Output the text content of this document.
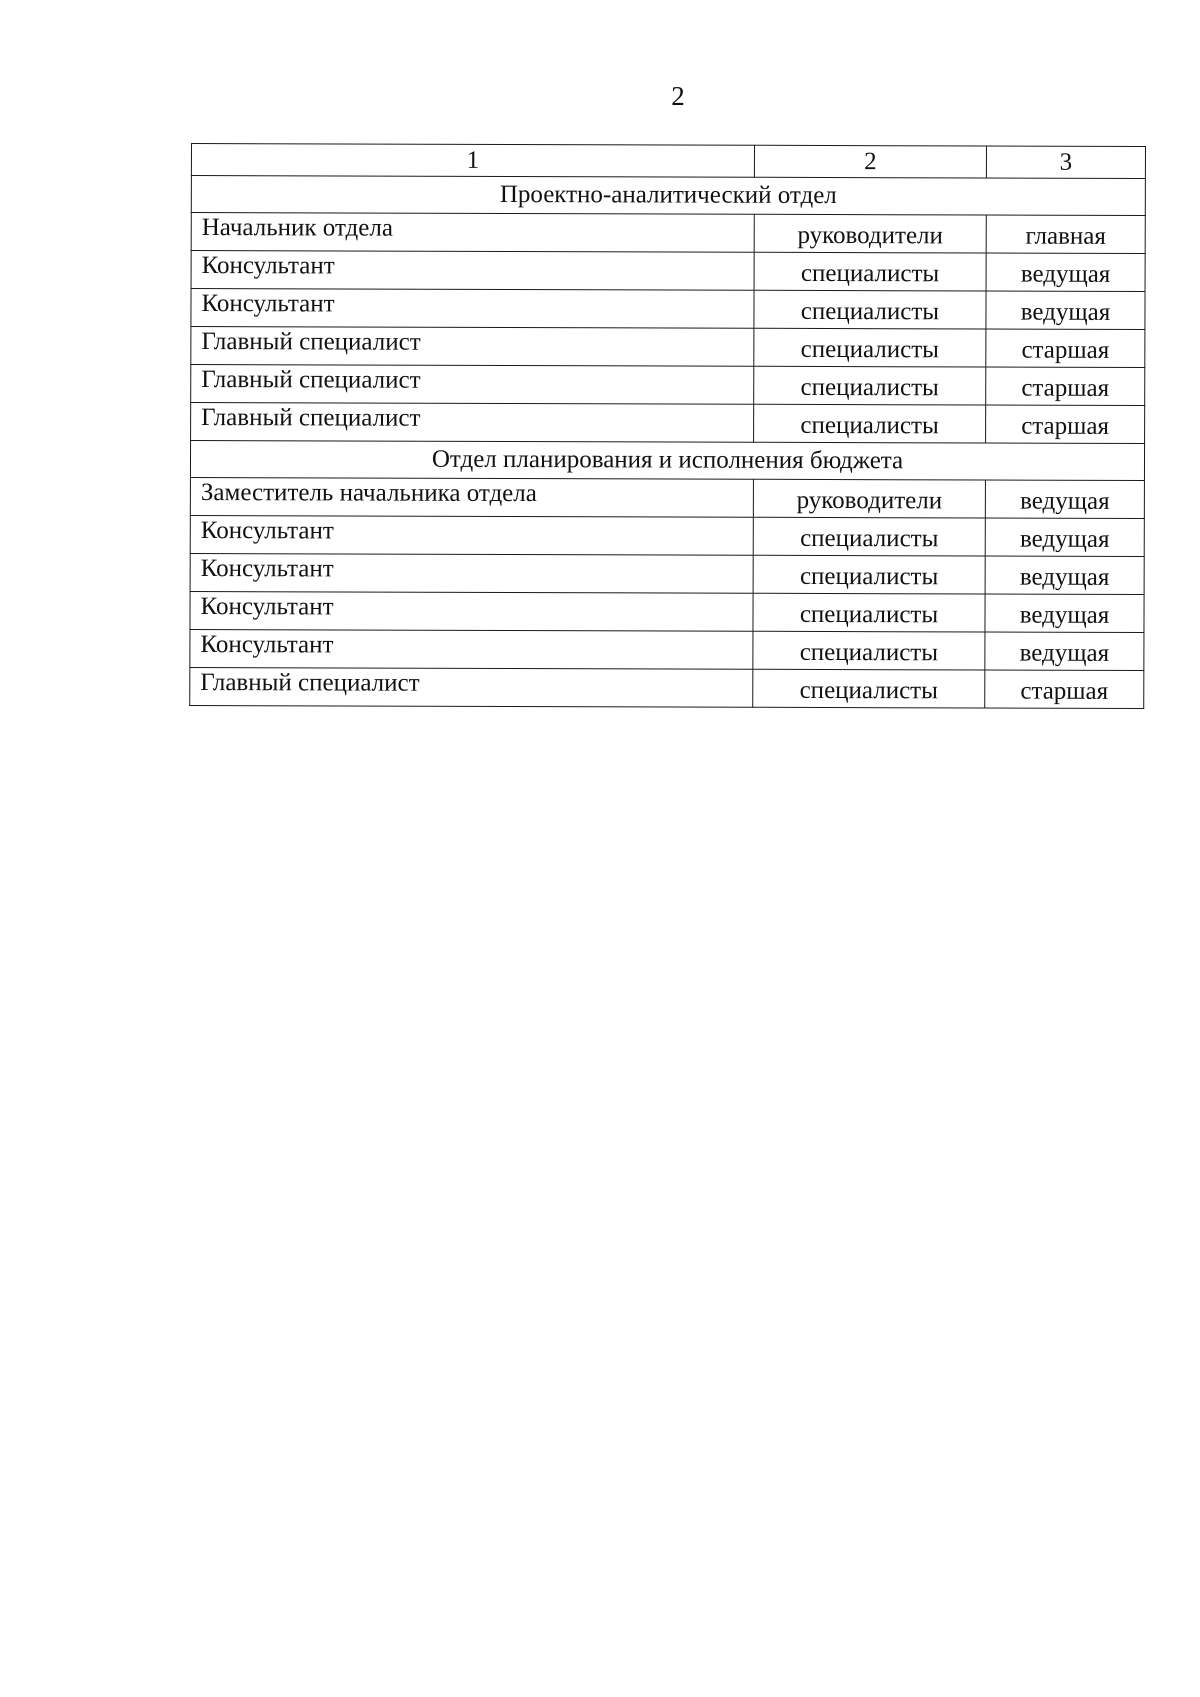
2
1	2	3
Проектно-аналитический отдел		
Начальник отдела	руководители	главная
Консультант	специалисты	ведущая
Консультант	специалисты	ведущая
Главный специалист	специалисты	старшая
Главный специалист	специалисты	старшая
Главный специалист	специалисты	старшая
Отдел планирования и исполнения бюджета		
Заместитель начальника отдела	руководители	ведущая
Консультант	специалисты	ведущая
Консультант	специалисты	ведущая
Консультант	специалисты	ведущая
Консультант	специалисты	ведущая
Главный специалист	специалисты	старшая
